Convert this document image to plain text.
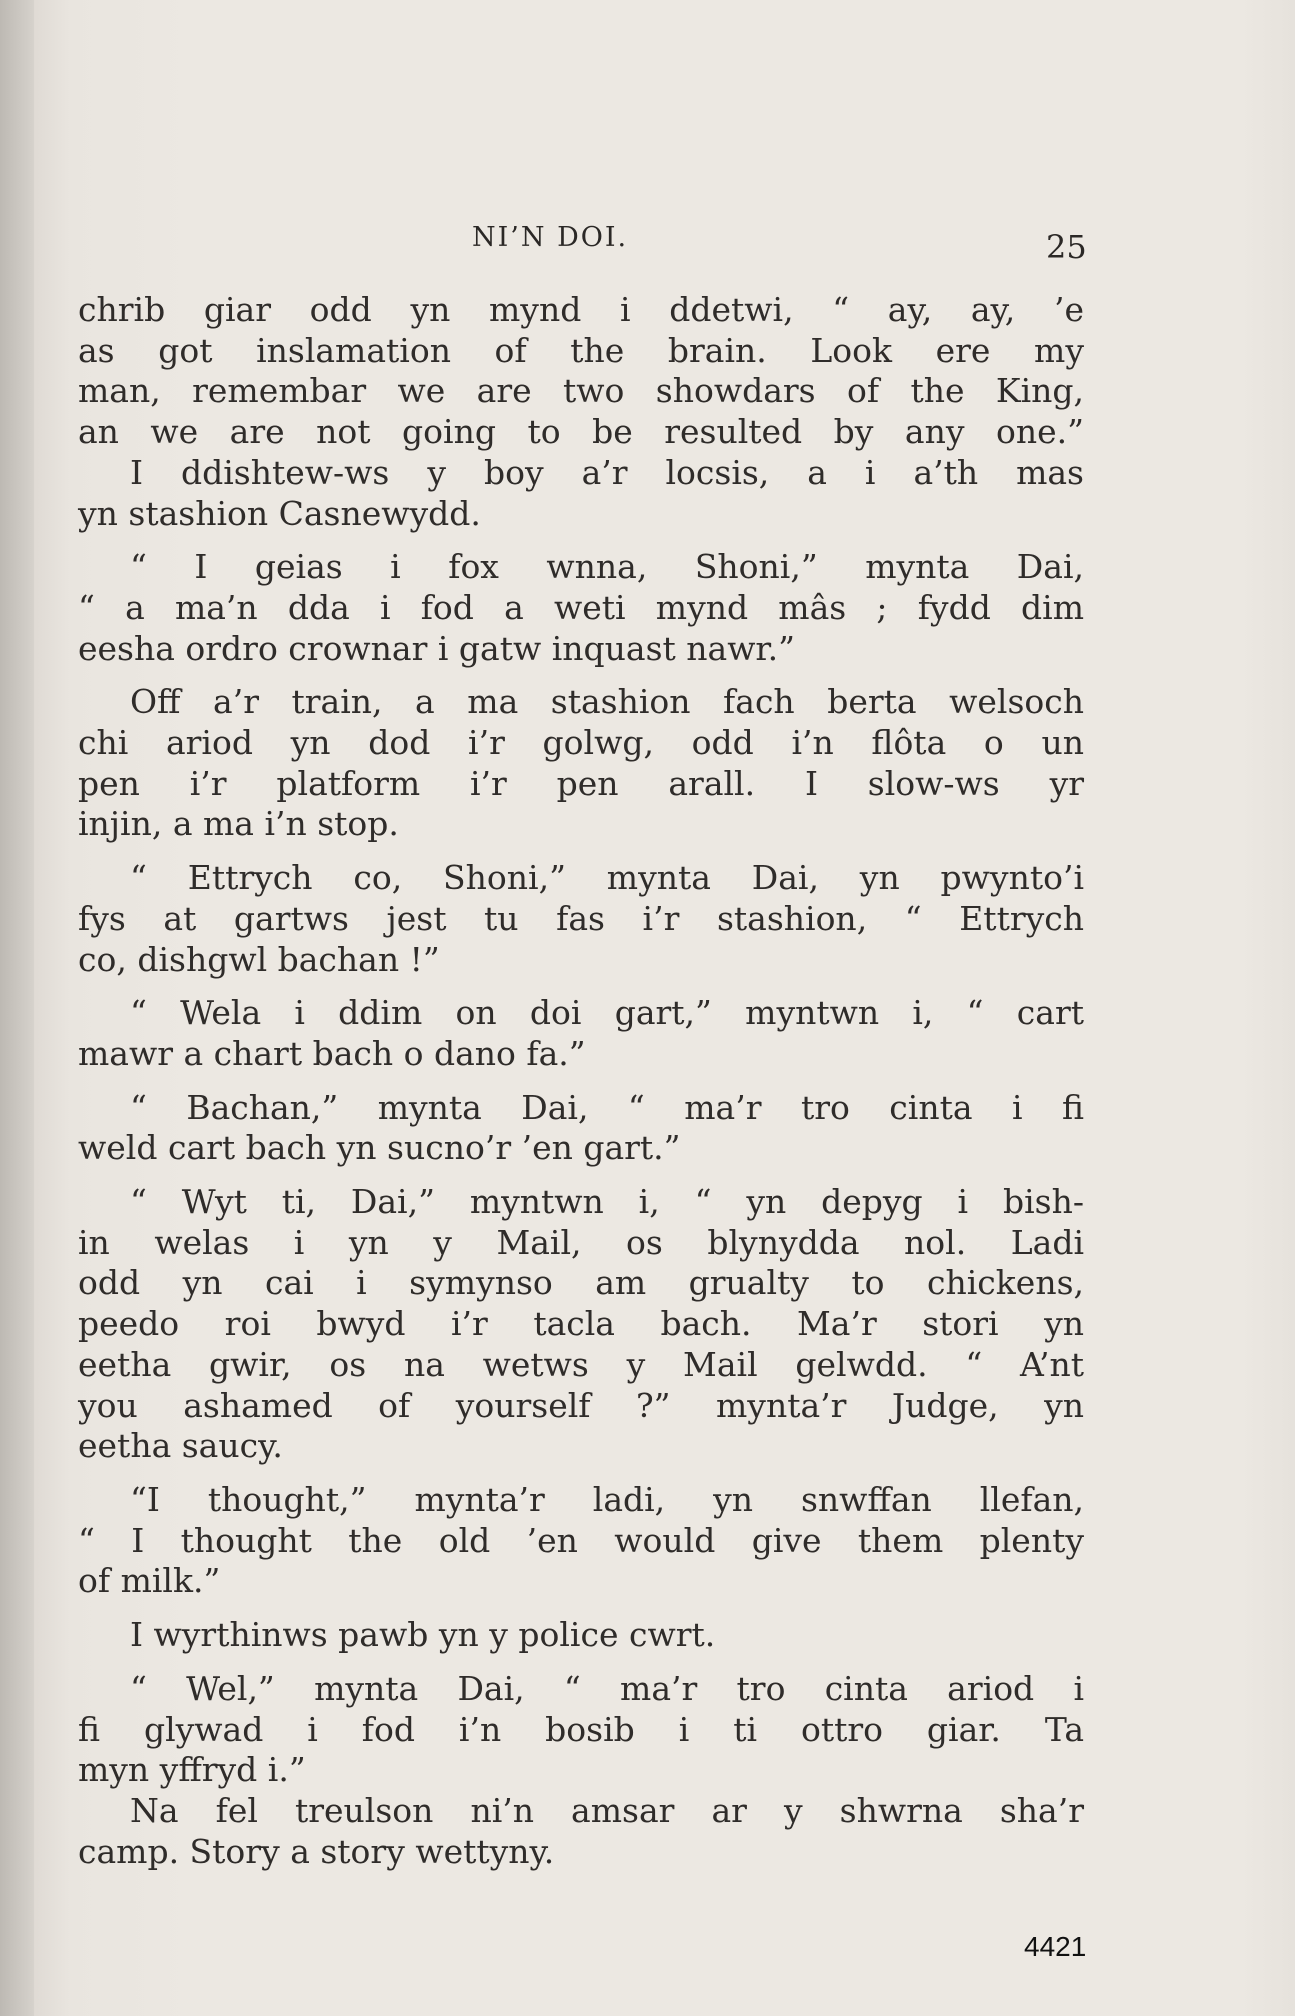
NI’N DOI.	25
chrib giar odd yn mynd i ddetwi, “ ay, ay, ’e
as got inslamation of the brain. Look ere my
man, remembar we are two showdars of the King,
an we are not going to be resulted by any one.”
I ddishtew-ws y boy a’r locsis, a i a’th mas
yn stashion Casnewydd.
“ I geias i fox wnna, Shoni,” mynta Dai,
“ a ma’n dda i fod a weti mynd mâs ; fydd dim
eesha ordro crownar i gatw inquast nawr.”
Off a’r train, a ma stashion fach berta welsoch
chi ariod yn dod i’r golwg, odd i’n flôta o un
pen i’r platform i’r pen arall. I slow-ws yr
injin, a ma i’n stop.
“ Ettrych co, Shoni,” mynta Dai, yn pwynto’i
fys at gartws jest tu fas i’r stashion, “ Ettrych
co, dishgwl bachan !”
“ Wela i ddim on doi gart,” myntwn i, “ cart
mawr a chart bach o dano fa.”
“ Bachan,” mynta Dai, “ ma’r tro cinta i fi
weld cart bach yn sucno’r ’en gart.”
“ Wyt ti, Dai,” myntwn i, “ yn depyg i bish-
in welas i yn y Mail, os blynydda nol. Ladi
odd yn cai i symynso am grualty to chickens,
peedo roi bwyd i’r tacla bach. Ma’r stori yn
eetha gwir, os na wetws y Mail gelwdd. “ A’nt
you ashamed of yourself ?” mynta’r Judge, yn
eetha saucy.
“I thought,” mynta’r ladi, yn snwffan llefan,
“ I thought the old ’en would give them plenty
of milk.”
I wyrthinws pawb yn y police cwrt.
“ Wel,” mynta Dai, “ ma’r tro cinta ariod i
fi glywad i fod i’n bosib i ti ottro giar. Ta
myn yffryd i.”
Na fel treulson ni’n amsar ar y shwrna sha’r
camp. Story a story wettyny.
4421
